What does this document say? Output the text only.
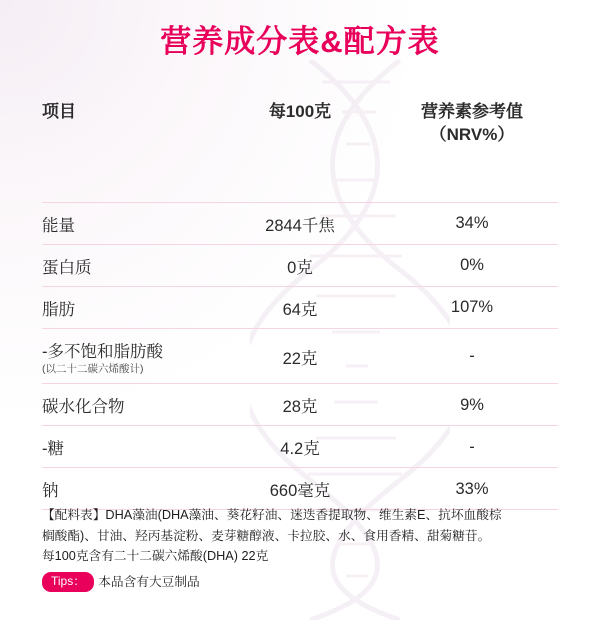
营养成分表&配方表
项目	每100克	营养素参考值
（NRV%）

能量	2844千焦	34%
蛋白质	0克	0%
脂肪	64克	107%
-多不饱和脂肪酸
(以二十二碳六烯酸计)	22克	-
碳水化合物	28克	9%
-糖	4.2克	-
钠	660毫克	33%
【配料表】DHA藻油(DHA藻油、葵花籽油、迷迭香提取物、维生素E、抗坏血酸棕
榈酸酯)、甘油、羟丙基淀粉、麦芽糖醇液、卡拉胶、水、食用香精、甜菊糖苷。
每100克含有二十二碳六烯酸(DHA) 22克
Tips：	本品含有大豆制品
